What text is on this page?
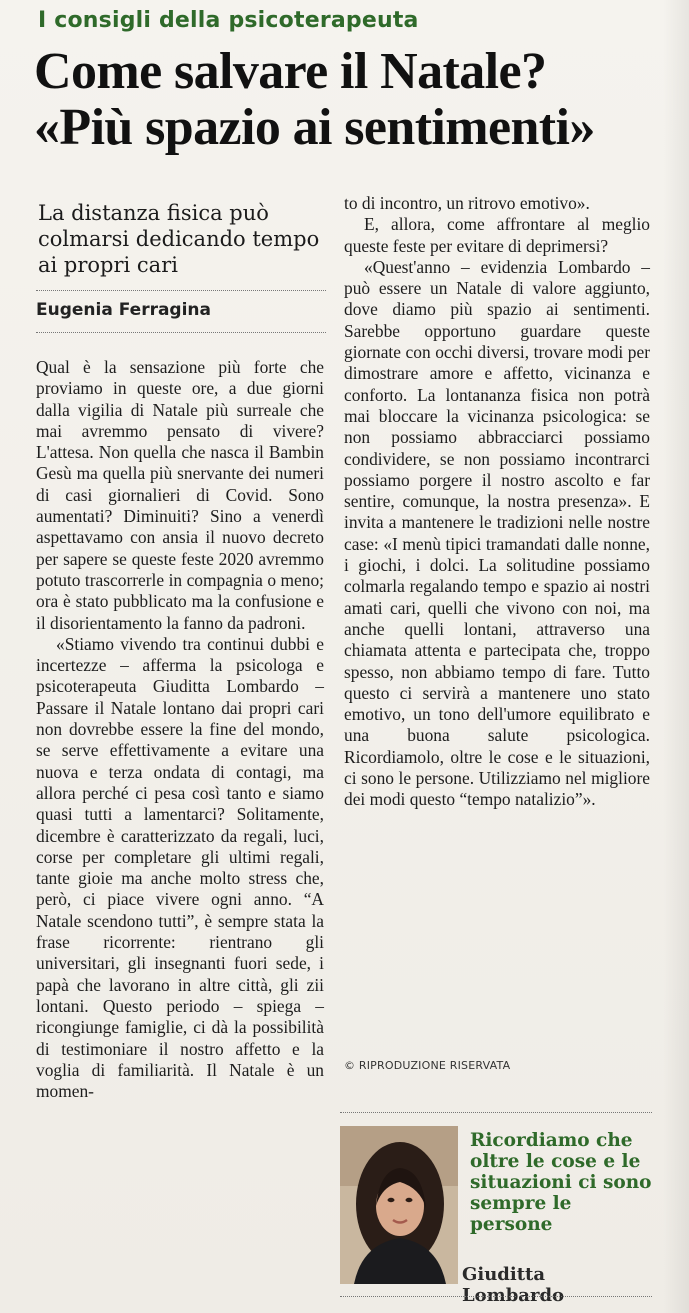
I consigli della psicoterapeuta
Come salvare il Natale?
«Più spazio ai sentimenti»
La distanza fisica può colmarsi dedicando tempo ai propri cari
Eugenia Ferragina

Qual è la sensazione più forte che proviamo in queste ore, a due giorni dalla vigilia di Natale più surreale che mai avremmo pensato di vivere? L'attesa. Non quella che nasca il Bambin Gesù ma quella più snervante dei numeri di casi giornalieri di Covid. Sono aumentati? Diminuiti? Sino a venerdì aspettavamo con ansia il nuovo decreto per sapere se queste feste 2020 avremmo potuto trascorrerle in compagnia o meno; ora è stato pubblicato ma la confusione e il disorientamento la fanno da padroni.

«Stiamo vivendo tra continui dubbi e incertezze – afferma la psicologa e psicoterapeuta Giuditta Lombardo – Passare il Natale lontano dai propri cari non dovrebbe essere la fine del mondo, se serve effettivamente a evitare una nuova e terza ondata di contagi, ma allora perché ci pesa così tanto e siamo quasi tutti a lamentarci? Solitamente, dicembre è caratterizzato da regali, luci, corse per completare gli ultimi regali, tante gioie ma anche molto stress che, però, ci piace vivere ogni anno. “A Natale scendono tutti”, è sempre stata la frase ricorrente: rientrano gli universitari, gli insegnanti fuori sede, i papà che lavorano in altre città, gli zii lontani. Questo periodo – spiega – ricongiunge famiglie, ci dà la possibilità di testimoniare il nostro affetto e la voglia di familiarità. Il Natale è un momen-

to di incontro, un ritrovo emotivo».

E, allora, come affrontare al meglio queste feste per evitare di deprimersi?

«Quest'anno – evidenzia Lombardo – può essere un Natale di valore aggiunto, dove diamo più spazio ai sentimenti. Sarebbe opportuno guardare queste giornate con occhi diversi, trovare modi per dimostrare amore e affetto, vicinanza e conforto. La lontananza fisica non potrà mai bloccare la vicinanza psicologica: se non possiamo abbracciarci possiamo condividere, se non possiamo incontrarci possiamo porgere il nostro ascolto e far sentire, comunque, la nostra presenza». E invita a mantenere le tradizioni nelle nostre case: «I menù tipici tramandati dalle nonne, i giochi, i dolci. La solitudine possiamo colmarla regalando tempo e spazio ai nostri amati cari, quelli che vivono con noi, ma anche quelli lontani, attraverso una chiamata attenta e partecipata che, troppo spesso, non abbiamo tempo di fare. Tutto questo ci servirà a mantenere uno stato emotivo, un tono dell'umore equilibrato e una buona salute psicologica. Ricordiamolo, oltre le cose e le situazioni, ci sono le persone. Utilizziamo nel migliore dei modi questo “tempo natalizio”».

© RIPRODUZIONE RISERVATA
Ricordiamo che oltre le cose e le situazioni ci sono sempre le persone
Giuditta Lombardo
